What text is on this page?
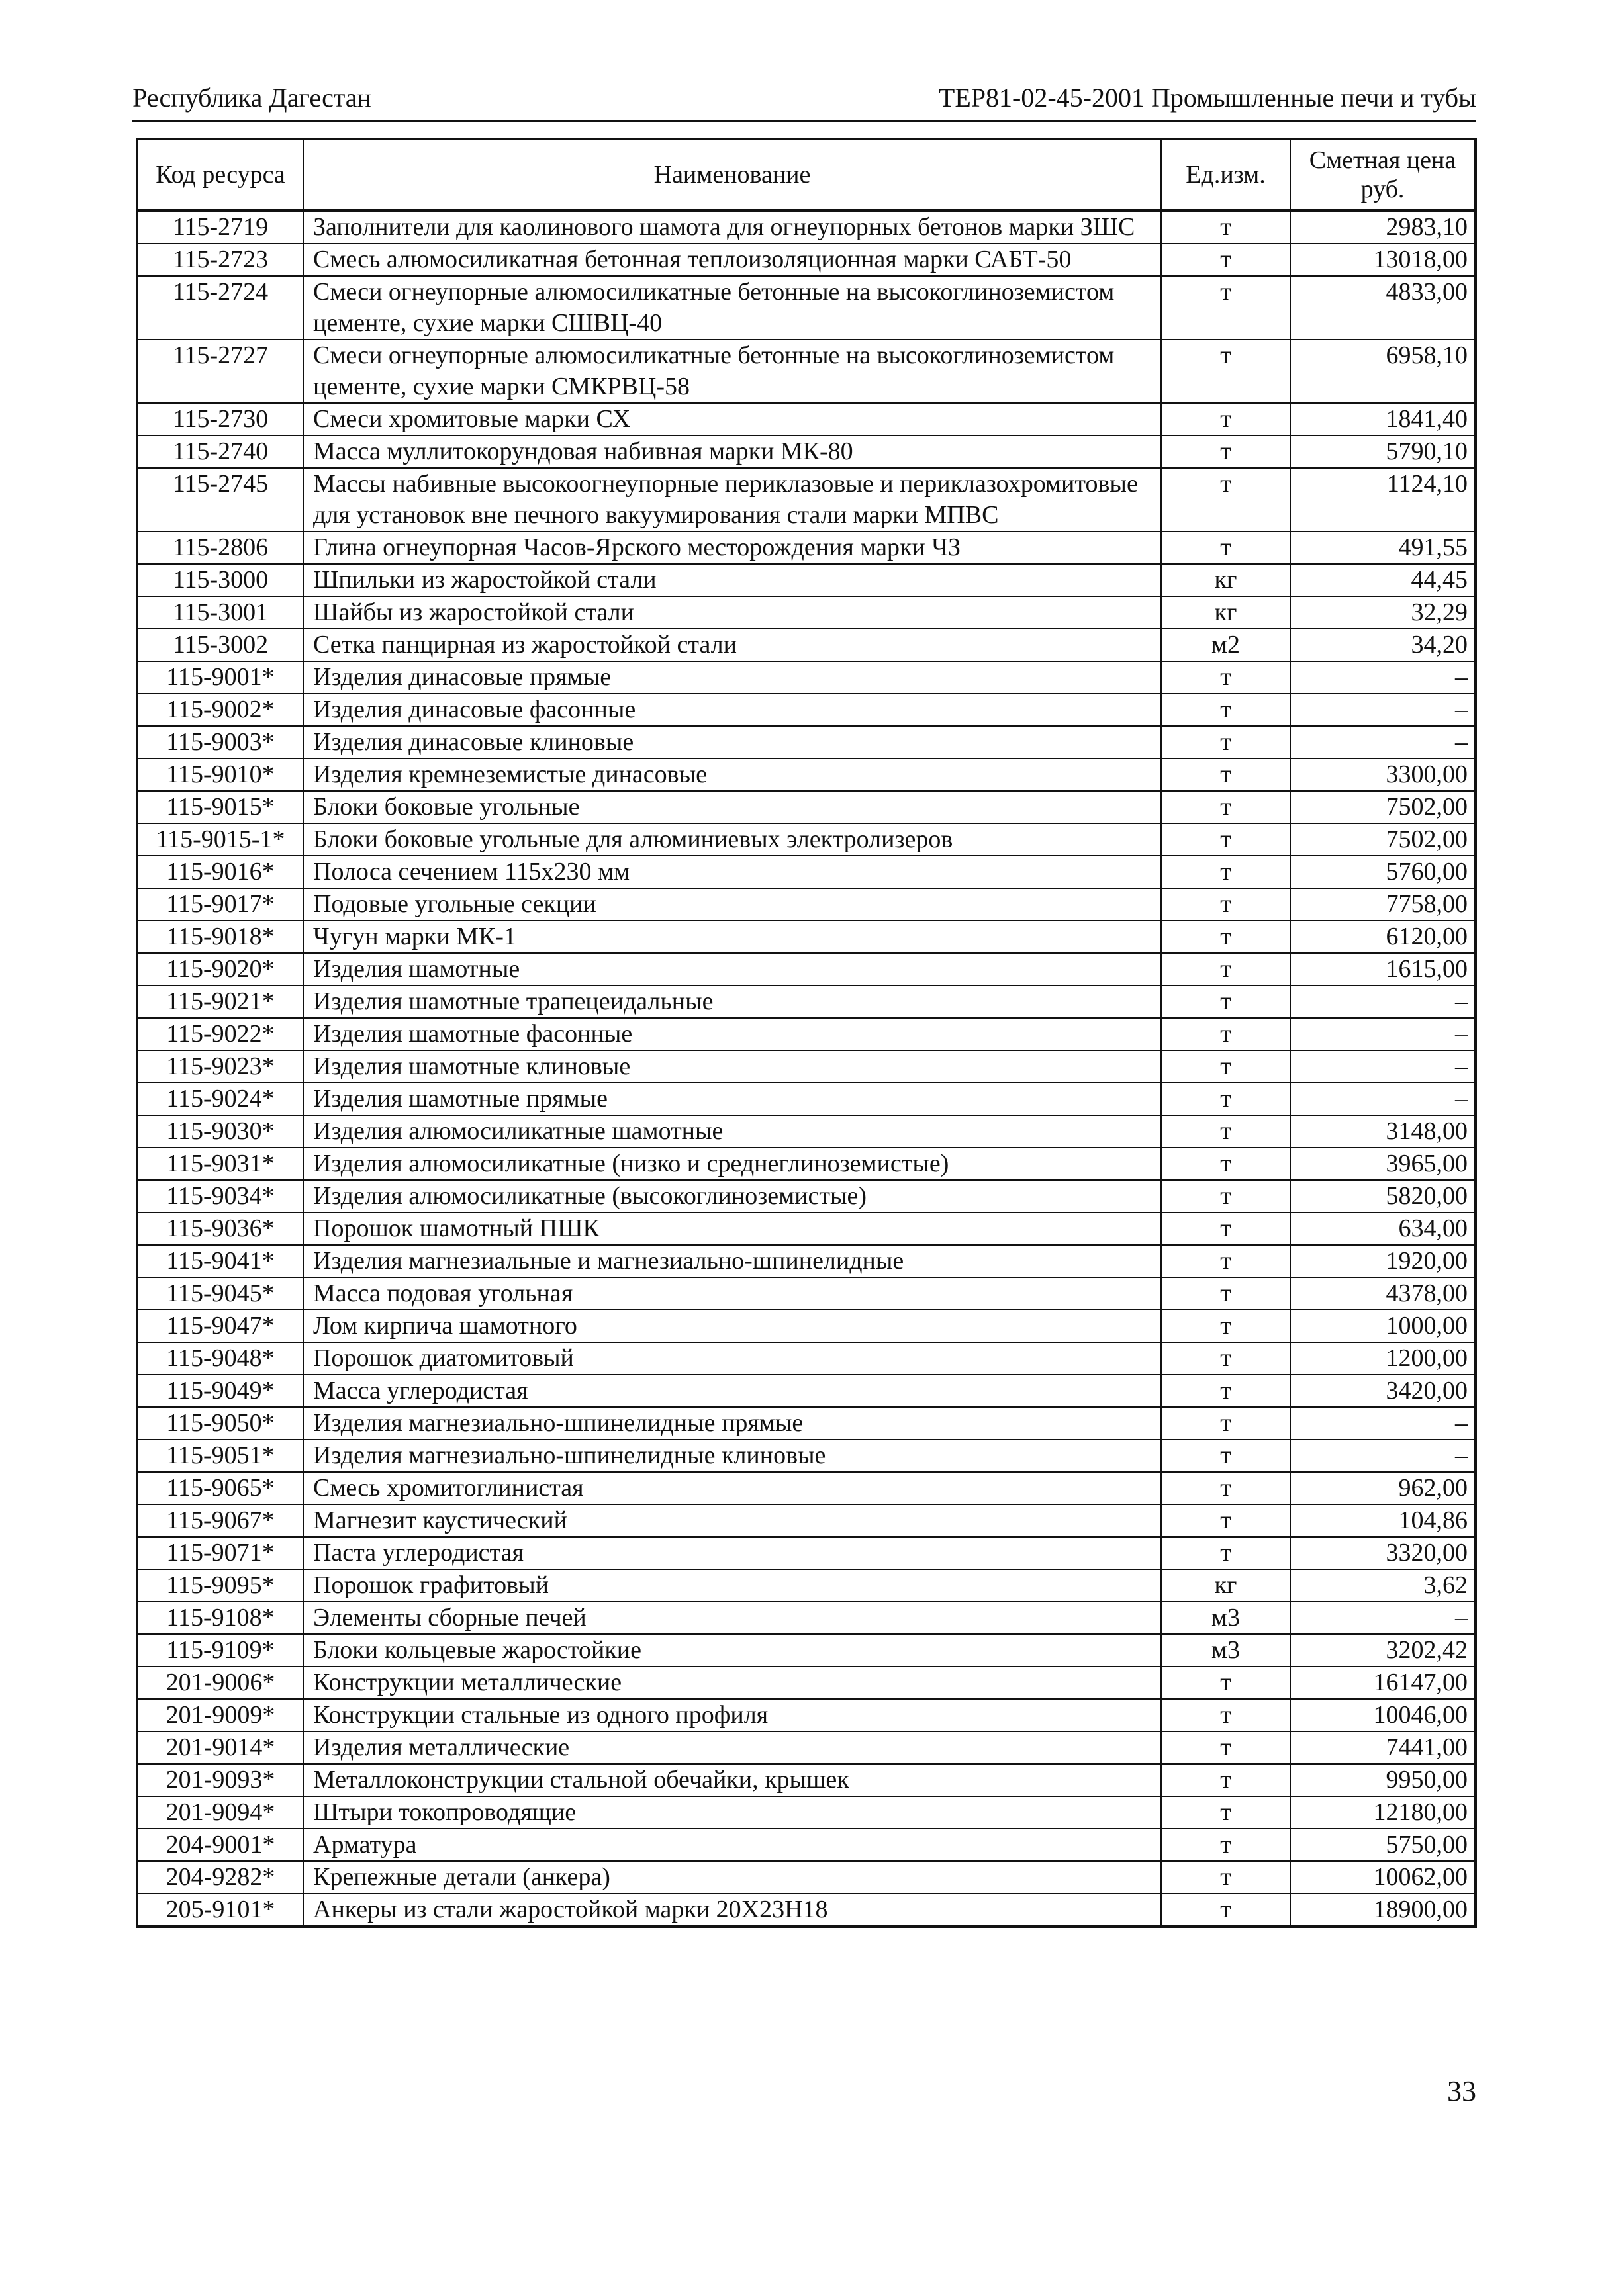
Республика Дагестан	ТЕР81-02-45-2001 Промышленные печи и тубы
Код ресурса	Наименование	Ед.изм.	Сметная цена руб.
115-2719	Заполнители для каолинового шамота для огнеупорных бетонов марки ЗШС	т	2983,10
115-2723	Смесь алюмосиликатная бетонная теплоизоляционная марки САБТ-50	т	13018,00
115-2724	Смеси огнеупорные алюмосиликатные бетонные на высокоглиноземистом цементе, сухие марки СШВЦ-40	т	4833,00
115-2727	Смеси огнеупорные алюмосиликатные бетонные на высокоглиноземистом цементе, сухие марки СМКРВЦ-58	т	6958,10
115-2730	Смеси хромитовые марки СХ	т	1841,40
115-2740	Масса муллитокорундовая набивная марки МК-80	т	5790,10
115-2745	Массы набивные высокоогнеупорные периклазовые и периклазохромитовые для установок вне печного вакуумирования стали марки МПВС	т	1124,10
115-2806	Глина огнеупорная Часов-Ярского месторождения марки ЧЗ	т	491,55
115-3000	Шпильки из жаростойкой стали	кг	44,45
115-3001	Шайбы из жаростойкой стали	кг	32,29
115-3002	Сетка панцирная из жаростойкой стали	м2	34,20
115-9001*	Изделия динасовые прямые	т	–
115-9002*	Изделия динасовые фасонные	т	–
115-9003*	Изделия динасовые клиновые	т	–
115-9010*	Изделия кремнеземистые динасовые	т	3300,00
115-9015*	Блоки боковые угольные	т	7502,00
115-9015-1*	Блоки боковые угольные для алюминиевых электролизеров	т	7502,00
115-9016*	Полоса сечением 115х230 мм	т	5760,00
115-9017*	Подовые угольные секции	т	7758,00
115-9018*	Чугун марки МК-1	т	6120,00
115-9020*	Изделия шамотные	т	1615,00
115-9021*	Изделия шамотные трапецеидальные	т	–
115-9022*	Изделия шамотные фасонные	т	–
115-9023*	Изделия шамотные клиновые	т	–
115-9024*	Изделия шамотные прямые	т	–
115-9030*	Изделия алюмосиликатные шамотные	т	3148,00
115-9031*	Изделия алюмосиликатные (низко и среднеглиноземистые)	т	3965,00
115-9034*	Изделия алюмосиликатные (высокоглиноземистые)	т	5820,00
115-9036*	Порошок шамотный ПШК	т	634,00
115-9041*	Изделия магнезиальные и магнезиально-шпинелидные	т	1920,00
115-9045*	Масса подовая угольная	т	4378,00
115-9047*	Лом кирпича шамотного	т	1000,00
115-9048*	Порошок диатомитовый	т	1200,00
115-9049*	Масса углеродистая	т	3420,00
115-9050*	Изделия магнезиально-шпинелидные прямые	т	–
115-9051*	Изделия магнезиально-шпинелидные клиновые	т	–
115-9065*	Смесь хромитоглинистая	т	962,00
115-9067*	Магнезит каустический	т	104,86
115-9071*	Паста углеродистая	т	3320,00
115-9095*	Порошок графитовый	кг	3,62
115-9108*	Элементы сборные печей	м3	–
115-9109*	Блоки кольцевые жаростойкие	м3	3202,42
201-9006*	Конструкции металлические	т	16147,00
201-9009*	Конструкции стальные из одного профиля	т	10046,00
201-9014*	Изделия металлические	т	7441,00
201-9093*	Металлоконструкции стальной обечайки, крышек	т	9950,00
201-9094*	Штыри токопроводящие	т	12180,00
204-9001*	Арматура	т	5750,00
204-9282*	Крепежные детали (анкера)	т	10062,00
205-9101*	Анкеры из стали жаростойкой марки 20Х23Н18	т	18900,00
33
